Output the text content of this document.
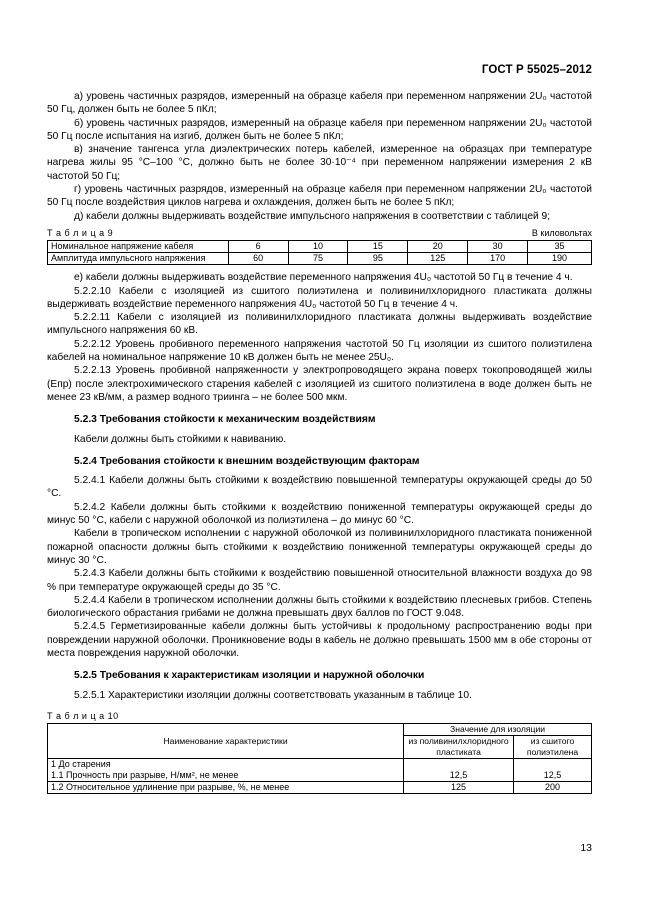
ГОСТ Р 55025–2012

а) уровень частичных разрядов, измеренный на образце кабеля при переменном напряжении 2U₀ частотой 50 Гц, должен быть не более 5 пКл;

б) уровень частичных разрядов, измеренный на образце кабеля при переменном напряжении 2U₀ частотой 50 Гц после испытания на изгиб, должен быть не более 5 пКл;

в) значение тангенса угла диэлектрических потерь кабелей, измеренное на образцах при температуре нагрева жилы 95 °С–100 °С, должно быть не более 30·10⁻⁴ при переменном напряжении измерения 2 кВ частотой 50 Гц;

г) уровень частичных разрядов, измеренный на образце кабеля при переменном напряжении 2U₀ частотой 50 Гц после воздействия циклов нагрева и охлаждения, должен быть не более 5 пКл;

д) кабели должны выдерживать воздействие импульсного напряжения в соответствии с таблицей 9;

Т а б л и ц а 9	В киловольтах
Номинальное напряжение кабеля	6	10	15	20	30	35
Амплитуда импульсного напряжения	60	75	95	125	170	190

е) кабели должны выдерживать воздействие переменного напряжения 4U₀ частотой 50 Гц в течение 4 ч.

5.2.2.10 Кабели с изоляцией из сшитого полиэтилена и поливинилхлоридного пластиката должны выдерживать воздействие переменного напряжения 4U₀ частотой 50 Гц в течение 4 ч.

5.2.2.11 Кабели с изоляцией из поливинилхлоридного пластиката должны выдерживать воздействие импульсного напряжения 60 кВ.

5.2.2.12 Уровень пробивного переменного напряжения частотой 50 Гц изоляции из сшитого полиэтилена кабелей на номинальное напряжение 10 кВ должен быть не менее 25U₀.

5.2.2.13 Уровень пробивной напряженности у электропроводящего экрана поверх токопроводящей жилы (Eпр) после электрохимического старения кабелей с изоляцией из сшитого полиэтилена в воде должен быть не менее 23 кВ/мм, а размер водного триинга – не более 500 мкм.

5.2.3 Требования стойкости к механическим воздействиям

Кабели должны быть стойкими к навиванию.

5.2.4 Требования стойкости к внешним воздействующим факторам

5.2.4.1 Кабели должны быть стойкими к воздействию повышенной температуры окружающей среды до 50 °С.

5.2.4.2 Кабели должны быть стойкими к воздействию пониженной температуры окружающей среды до минус 50 °С, кабели с наружной оболочкой из полиэтилена – до минус 60 °С.

Кабели в тропическом исполнении с наружной оболочкой из поливинилхлоридного пластиката пониженной пожарной опасности должны быть стойкими к воздействию пониженной температуры окружающей среды до минус 30 °С.

5.2.4.3 Кабели должны быть стойкими к воздействию повышенной относительной влажности воздуха до 98 % при температуре окружающей среды до 35 °С.

5.2.4.4 Кабели в тропическом исполнении должны быть стойкими к воздействию плесневых грибов. Степень биологического обрастания грибами не должна превышать двух баллов по ГОСТ 9.048.

5.2.4.5 Герметизированные кабели должны быть устойчивы к продольному распространению воды при повреждении наружной оболочки. Проникновение воды в кабель не должно превышать 1500 мм в обе стороны от места повреждения наружной оболочки.

5.2.5 Требования к характеристикам изоляции и наружной оболочки

5.2.5.1 Характеристики изоляции должны соответствовать указанным в таблице 10.

Т а б л и ц а 10
Наименование характеристики	Значение для изоляции	
	из поливинилхлоридного пластиката	из сшитого полиэтилена

1 До старения
1.1 Прочность при разрыве, Н/мм², не менее	12,5	12,5
1.2 Относительное удлинение при разрыве, %, не менее	125	200
13
